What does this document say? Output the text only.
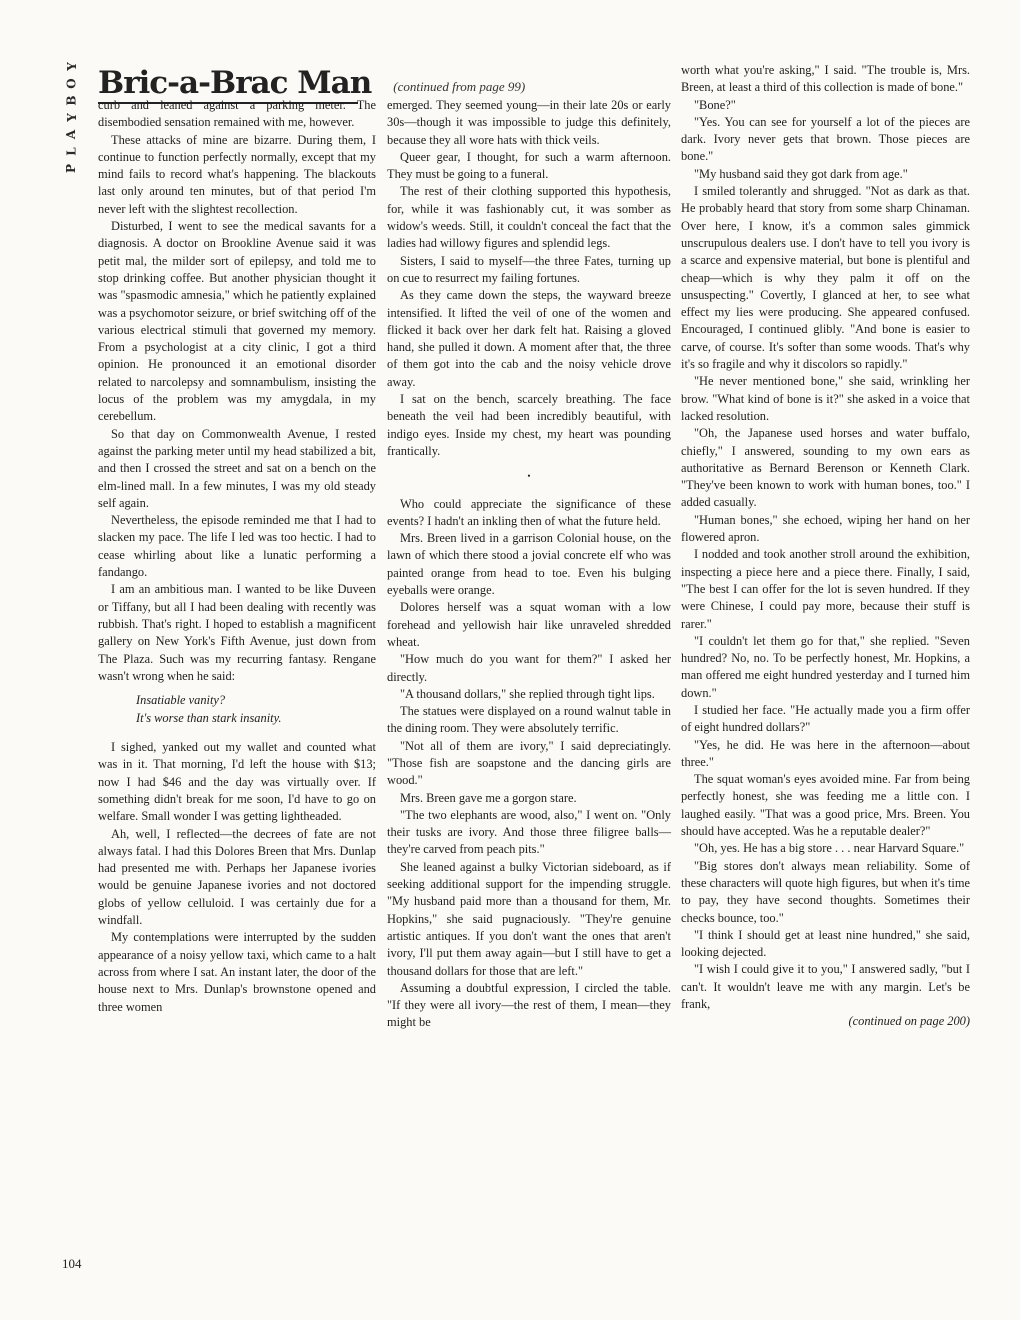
Y
O
B
Y
A
L
P
Bric-a-Brac Man (continued from page 99)

curb and leaned against a parking meter. The disembodied sensation remained with me, however.

These attacks of mine are bizarre. During them, I continue to function perfectly normally, except that my mind fails to record what's happening. The blackouts last only around ten minutes, but of that period I'm never left with the slightest recollection.

Disturbed, I went to see the medical savants for a diagnosis. A doctor on Brookline Avenue said it was petit mal, the milder sort of epilepsy, and told me to stop drinking coffee. But another physician thought it was "spasmodic amnesia," which he patiently explained was a psychomotor seizure, or brief switching off of the various electrical stimuli that governed my memory. From a psychologist at a city clinic, I got a third opinion. He pronounced it an emotional disorder related to narcolepsy and somnambulism, insisting the locus of the problem was my amygdala, in my cerebellum.

So that day on Commonwealth Avenue, I rested against the parking meter until my head stabilized a bit, and then I crossed the street and sat on a bench on the elm-lined mall. In a few minutes, I was my old steady self again.

Nevertheless, the episode reminded me that I had to slacken my pace. The life I led was too hectic. I had to cease whirling about like a lunatic performing a fandango.

I am an ambitious man. I wanted to be like Duveen or Tiffany, but all I had been dealing with recently was rubbish. That's right. I hoped to establish a magnificent gallery on New York's Fifth Avenue, just down from The Plaza. Such was my recurring fantasy. Rengane wasn't wrong when he said:

Insatiable vanity?
It's worse than stark insanity.

I sighed, yanked out my wallet and counted what was in it. That morning, I'd left the house with $13; now I had $46 and the day was virtually over. If something didn't break for me soon, I'd have to go on welfare. Small wonder I was getting lightheaded.

Ah, well, I reflected—the decrees of fate are not always fatal. I had this Dolores Breen that Mrs. Dunlap had presented me with. Perhaps her Japanese ivories would be genuine Japanese ivories and not doctored globs of yellow celluloid. I was certainly due for a windfall.

My contemplations were interrupted by the sudden appearance of a noisy yellow taxi, which came to a halt across from where I sat. An instant later, the door of the house next to Mrs. Dunlap's brownstone opened and three women

emerged. They seemed young—in their late 20s or early 30s—though it was impossible to judge this definitely, because they all wore hats with thick veils.

Queer gear, I thought, for such a warm afternoon. They must be going to a funeral.

The rest of their clothing supported this hypothesis, for, while it was fashionably cut, it was somber as widow's weeds. Still, it couldn't conceal the fact that the ladies had willowy figures and splendid legs.

Sisters, I said to myself—the three Fates, turning up on cue to resurrect my failing fortunes.

As they came down the steps, the wayward breeze intensified. It lifted the veil of one of the women and flicked it back over her dark felt hat. Raising a gloved hand, she pulled it down. A moment after that, the three of them got into the cab and the noisy vehicle drove away.

I sat on the bench, scarcely breathing. The face beneath the veil had been incredibly beautiful, with indigo eyes. Inside my chest, my heart was pounding frantically.

•

Who could appreciate the significance of these events? I hadn't an inkling then of what the future held.

Mrs. Breen lived in a garrison Colonial house, on the lawn of which there stood a jovial concrete elf who was painted orange from head to toe. Even his bulging eyeballs were orange.

Dolores herself was a squat woman with a low forehead and yellowish hair like unraveled shredded wheat.

"How much do you want for them?" I asked her directly.

"A thousand dollars," she replied through tight lips.

The statues were displayed on a round walnut table in the dining room. They were absolutely terrific.

"Not all of them are ivory," I said depreciatingly. "Those fish are soapstone and the dancing girls are wood."

Mrs. Breen gave me a gorgon stare.

"The two elephants are wood, also," I went on. "Only their tusks are ivory. And those three filigree balls—they're carved from peach pits."

She leaned against a bulky Victorian sideboard, as if seeking additional support for the impending struggle. "My husband paid more than a thousand for them, Mr. Hopkins," she said pugnaciously. "They're genuine artistic antiques. If you don't want the ones that aren't ivory, I'll put them away again—but I still have to get a thousand dollars for those that are left."

Assuming a doubtful expression, I circled the table. "If they were all ivory—the rest of them, I mean—they might be

worth what you're asking," I said. "The trouble is, Mrs. Breen, at least a third of this collection is made of bone."

"Bone?"

"Yes. You can see for yourself a lot of the pieces are dark. Ivory never gets that brown. Those pieces are bone."

"My husband said they got dark from age."

I smiled tolerantly and shrugged. "Not as dark as that. He probably heard that story from some sharp Chinaman. Over here, I know, it's a common sales gimmick unscrupulous dealers use. I don't have to tell you ivory is a scarce and expensive material, but bone is plentiful and cheap—which is why they palm it off on the unsuspecting." Covertly, I glanced at her, to see what effect my lies were producing. She appeared confused. Encouraged, I continued glibly. "And bone is easier to carve, of course. It's softer than some woods. That's why it's so fragile and why it discolors so rapidly."

"He never mentioned bone," she said, wrinkling her brow. "What kind of bone is it?" she asked in a voice that lacked resolution.

"Oh, the Japanese used horses and water buffalo, chiefly," I answered, sounding to my own ears as authoritative as Bernard Berenson or Kenneth Clark. "They've been known to work with human bones, too." I added casually.

"Human bones," she echoed, wiping her hand on her flowered apron.

I nodded and took another stroll around the exhibition, inspecting a piece here and a piece there. Finally, I said, "The best I can offer for the lot is seven hundred. If they were Chinese, I could pay more, because their stuff is rarer."

"I couldn't let them go for that," she replied. "Seven hundred? No, no. To be perfectly honest, Mr. Hopkins, a man offered me eight hundred yesterday and I turned him down."

I studied her face. "He actually made you a firm offer of eight hundred dollars?"

"Yes, he did. He was here in the afternoon—about three."

The squat woman's eyes avoided mine. Far from being perfectly honest, she was feeding me a little con. I laughed easily. "That was a good price, Mrs. Breen. You should have accepted. Was he a reputable dealer?"

"Oh, yes. He has a big store . . . near Harvard Square."

"Big stores don't always mean reliability. Some of these characters will quote high figures, but when it's time to pay, they have second thoughts. Sometimes their checks bounce, too."

"I think I should get at least nine hundred," she said, looking dejected.

"I wish I could give it to you," I answered sadly, "but I can't. It wouldn't leave me with any margin. Let's be frank,

(continued on page 200)
104
